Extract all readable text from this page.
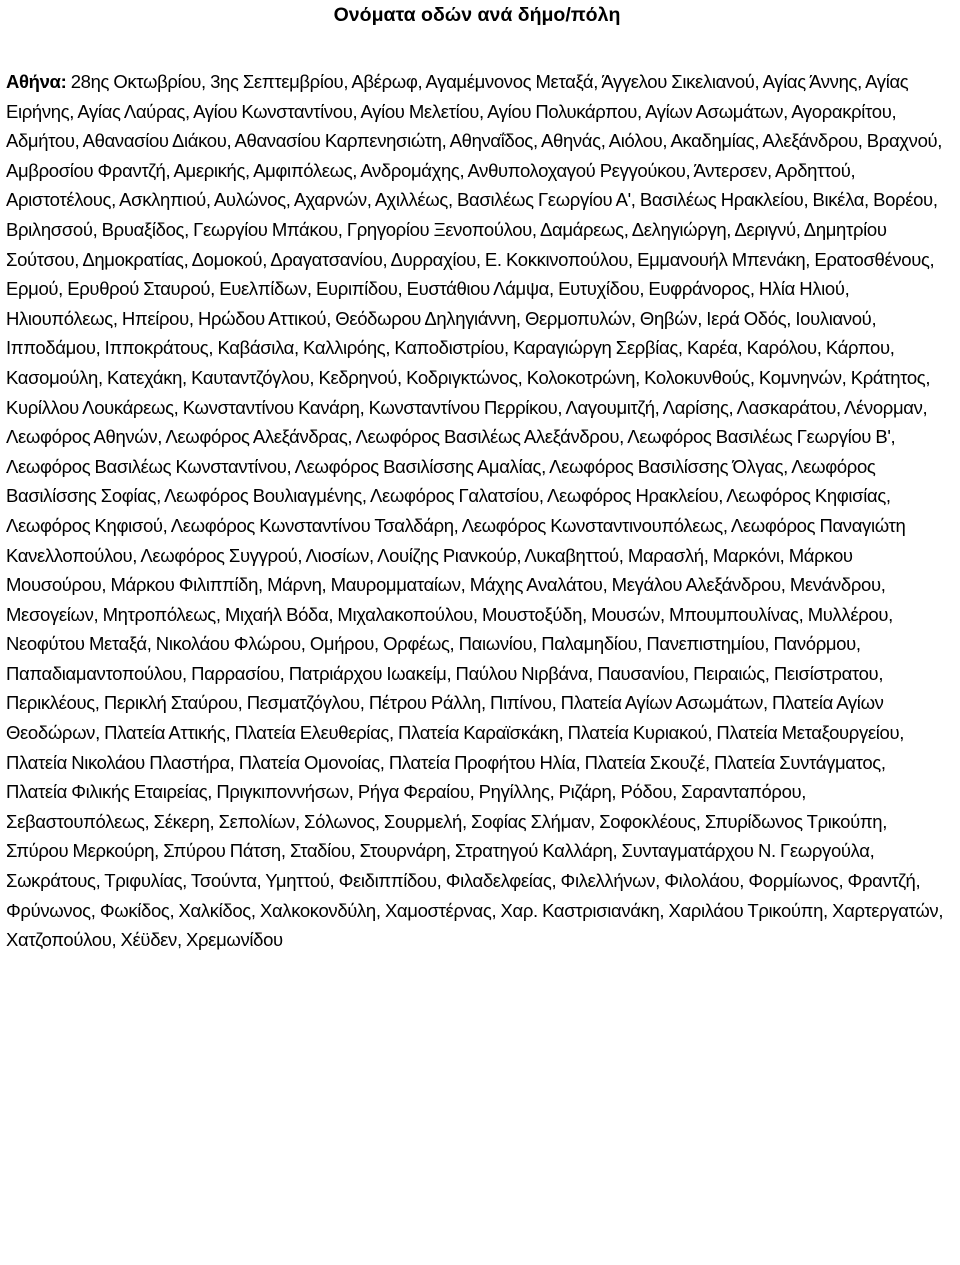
Ονόματα οδών ανά δήμο/πόλη

Αθήνα: 28ης Οκτωβρίου, 3ης Σεπτεμβρίου, Αβέρωφ, Αγαμέμνονος Μεταξά, Άγγελου Σικελιανού, Αγίας Άννης, Αγίας Ειρήνης, Αγίας Λαύρας, Αγίου Κωνσταντίνου, Αγίου Μελετίου, Αγίου Πολυκάρπου, Αγίων Ασωμάτων, Αγορακρίτου, Αδμήτου, Αθανασίου Διάκου, Αθανασίου Καρπενησιώτη, Αθηναΐδος, Αθηνάς, Αιόλου, Ακαδημίας, Αλεξάνδρου, Βραχνού, Αμβροσίου Φραντζή, Αμερικής, Αμφιπόλεως, Ανδρομάχης, Ανθυπολοχαγού Ρεγγούκου, Άντερσεν, Αρδηττού, Αριστοτέλους, Ασκληπιού, Αυλώνος, Αχαρνών, Αχιλλέως, Βασιλέως Γεωργίου Α', Βασιλέως Ηρακλείου, Βικέλα, Βορέου, Βριλησσού, Βρυαξίδος, Γεωργίου Μπάκου, Γρηγορίου Ξενοπούλου, Δαμάρεως, Δεληγιώργη, Δεριγνύ, Δημητρίου Σούτσου, Δημοκρατίας, Δομοκού, Δραγατσανίου, Δυρραχίου, Ε. Κοκκινοπούλου, Εμμανουήλ Μπενάκη, Ερατοσθένους, Ερμού, Ερυθρού Σταυρού, Ευελπίδων, Ευριπίδου, Ευστάθιου Λάμψα, Ευτυχίδου, Ευφράνορος, Ηλία Ηλιού, Ηλιουπόλεως, Ηπείρου, Ηρώδου Αττικού, Θεόδωρου Δηληγιάννη, Θερμοπυλών, Θηβών, Ιερά Οδός, Ιουλιανού, Ιπποδάμου, Ιπποκράτους, Καβάσιλα, Καλλιρόης, Καποδιστρίου, Καραγιώργη Σερβίας, Καρέα, Καρόλου, Κάρπου, Κασομούλη, Κατεχάκη, Καυταντζόγλου, Κεδρηνού, Κοδριγκτώνος, Κολοκοτρώνη, Κολοκυνθούς, Κομνηνών, Κράτητος, Κυρίλλου Λουκάρεως, Κωνσταντίνου Κανάρη, Κωνσταντίνου Περρίκου, Λαγουμιτζή, Λαρίσης, Λασκαράτου, Λένορμαν, Λεωφόρος Αθηνών, Λεωφόρος Αλεξάνδρας, Λεωφόρος Βασιλέως Αλεξάνδρου, Λεωφόρος Βασιλέως Γεωργίου Β', Λεωφόρος Βασιλέως Κωνσταντίνου, Λεωφόρος Βασιλίσσης Αμαλίας, Λεωφόρος Βασιλίσσης Όλγας, Λεωφόρος Βασιλίσσης Σοφίας, Λεωφόρος Βουλιαγμένης, Λεωφόρος Γαλατσίου, Λεωφόρος Ηρακλείου, Λεωφόρος Κηφισίας, Λεωφόρος Κηφισού, Λεωφόρος Κωνσταντίνου Τσαλδάρη, Λεωφόρος Κωνσταντινουπόλεως, Λεωφόρος Παναγιώτη Κανελλοπούλου, Λεωφόρος Συγγρού, Λιοσίων, Λουίζης Ριανκούρ, Λυκαβηττού, Μαρασλή, Μαρκόνι, Μάρκου Μουσούρου, Μάρκου Φιλιππίδη, Μάρνη, Μαυρομματαίων, Μάχης Αναλάτου, Μεγάλου Αλεξάνδρου, Μενάνδρου, Μεσογείων, Μητροπόλεως, Μιχαήλ Βόδα, Μιχαλακοπούλου, Μουστοξύδη, Μουσών, Μπουμπουλίνας, Μυλλέρου, Νεοφύτου Μεταξά, Νικολάου Φλώρου, Ομήρου, Ορφέως, Παιωνίου, Παλαμηδίου, Πανεπιστημίου, Πανόρμου, Παπαδιαμαντοπούλου, Παρρασίου, Πατριάρχου Ιωακείμ, Παύλου Νιρβάνα, Παυσανίου, Πειραιώς, Πεισίστρατου, Περικλέους, Περικλή Σταύρου, Πεσματζόγλου, Πέτρου Ράλλη, Πιπίνου, Πλατεία Αγίων Ασωμάτων, Πλατεία Αγίων Θεοδώρων, Πλατεία Αττικής, Πλατεία Ελευθερίας, Πλατεία Καραϊσκάκη, Πλατεία Κυριακού, Πλατεία Μεταξουργείου, Πλατεία Νικολάου Πλαστήρα, Πλατεία Ομονοίας, Πλατεία Προφήτου Ηλία, Πλατεία Σκουζέ, Πλατεία Συντάγματος, Πλατεία Φιλικής Εταιρείας, Πριγκιποννήσων, Ρήγα Φεραίου, Ρηγίλλης, Ριζάρη, Ρόδου, Σαρανταπόρου, Σεβαστουπόλεως, Σέκερη, Σεπολίων, Σόλωνος, Σουρμελή, Σοφίας Σλήμαν, Σοφοκλέους, Σπυρίδωνος Τρικούπη, Σπύρου Μερκούρη, Σπύρου Πάτση, Σταδίου, Στουρνάρη, Στρατηγού Καλλάρη, Συνταγματάρχου Ν. Γεωργούλα, Σωκράτους, Τριφυλίας, Τσούντα, Υμηττού, Φειδιππίδου, Φιλαδελφείας, Φιλελλήνων, Φιλολάου, Φορμίωνος, Φραντζή, Φρύνωνος, Φωκίδος, Χαλκίδος, Χαλκοκονδύλη, Χαμοστέρνας, Χαρ. Καστρισιανάκη, Χαριλάου Τρικούπη, Χαρτεργατών, Χατζοπούλου, Χέϋδεν, Χρεμωνίδου
